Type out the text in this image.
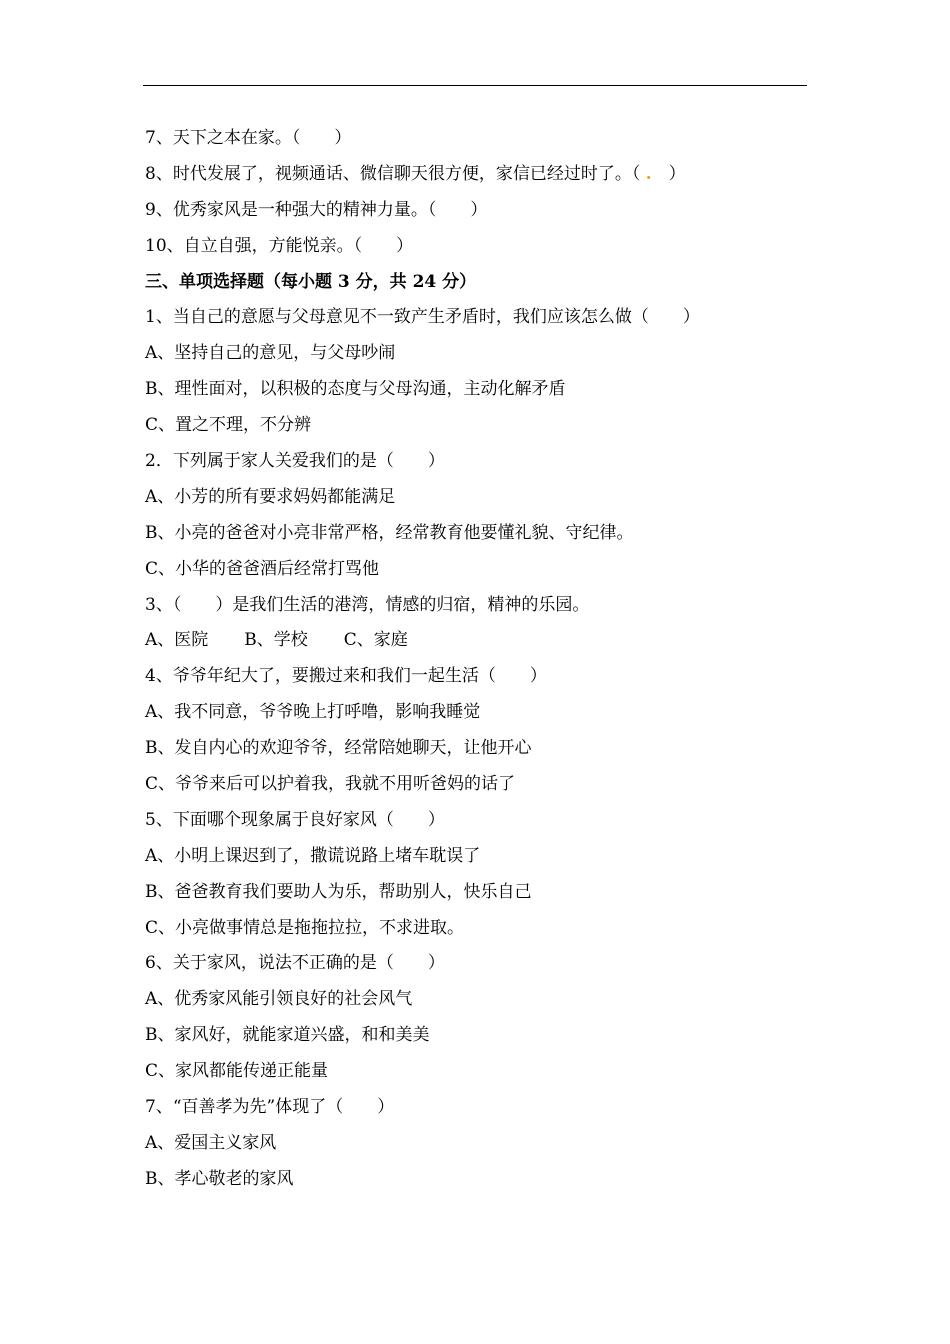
7、天下之本在家。（　　）
8、时代发展了，视频通话、微信聊天很方便，家信已经过时了。（ .　）
9、优秀家风是一种强大的精神力量。（　　）
10、自立自强，方能悦亲。（　　）
三、单项选择题（每小题 3 分，共 24 分）
1、当自己的意愿与父母意见不一致产生矛盾时，我们应该怎么做（　　）
A、坚持自己的意见，与父母吵闹
B、理性面对，以积极的态度与父母沟通，主动化解矛盾
C、置之不理，不分辨
2．下列属于家人关爱我们的是（　　）
A、小芳的所有要求妈妈都能满足
B、小亮的爸爸对小亮非常严格，经常教育他要懂礼貌、守纪律。
C、小华的爸爸酒后经常打骂他
3、（　　）是我们生活的港湾，情感的归宿，精神的乐园。
A、医院 B、学校 C、家庭
4、爷爷年纪大了，要搬过来和我们一起生活（　　）
A、我不同意，爷爷晚上打呼噜，影响我睡觉
B、发自内心的欢迎爷爷，经常陪她聊天，让他开心
C、爷爷来后可以护着我，我就不用听爸妈的话了
5、下面哪个现象属于良好家风（　　）
A、小明上课迟到了，撒谎说路上堵车耽误了
B、爸爸教育我们要助人为乐，帮助别人，快乐自己
C、小亮做事情总是拖拖拉拉，不求进取。
6、关于家风，说法不正确的是（　　）
A、优秀家风能引领良好的社会风气
B、家风好，就能家道兴盛，和和美美
C、家风都能传递正能量
7、“百善孝为先”体现了（　　）
A、爱国主义家风
B、孝心敬老的家风
